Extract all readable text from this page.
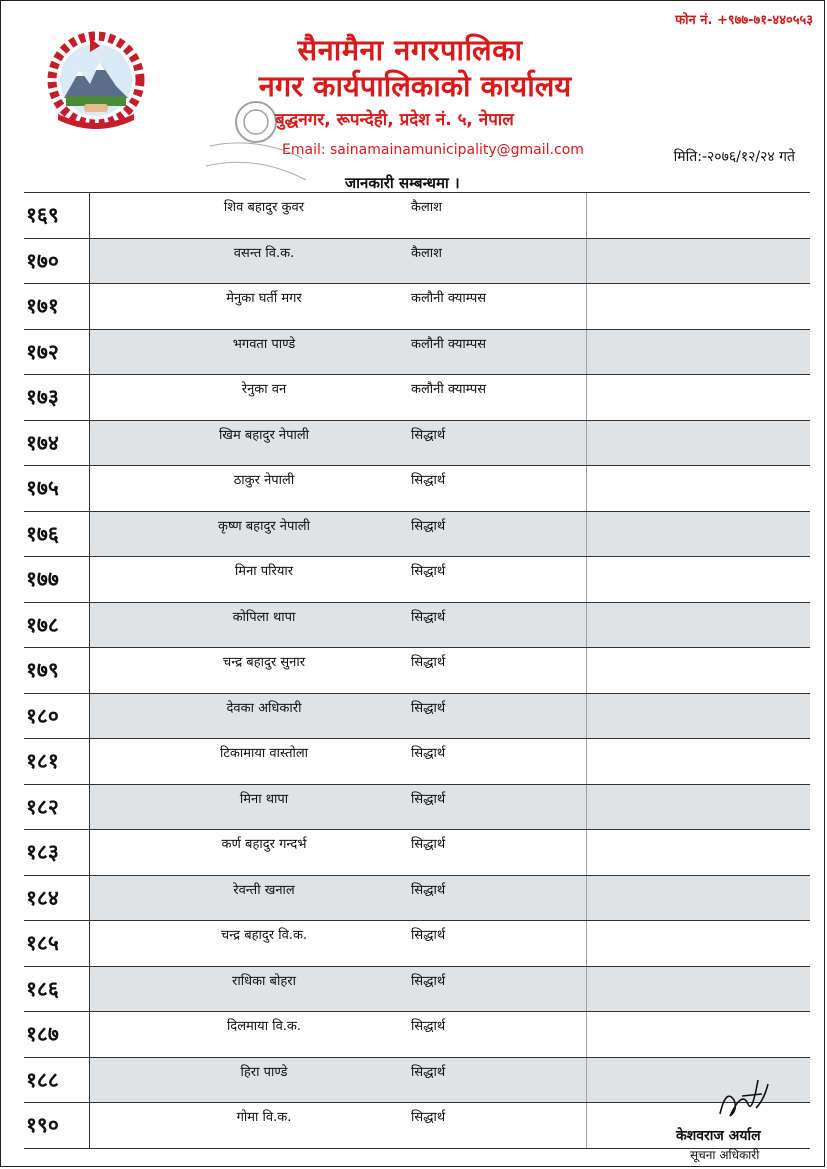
फोन नं. +९७७-७१-४४०५५३
सैनामैना नगरपालिका
नगर कार्यपालिकाको कार्यालय
बुद्धनगर, रूपन्देही, प्रदेश नं. ५, नेपाल
Email: sainamainamunicipality@gmail.com	मिति:-२०७६/१२/२४ गते
जानकारी सम्बन्धमा ।
१६९	शिव बहादुर कुवर	कैलाश
१७०	वसन्त वि.क.	कैलाश
१७१	मेनुका घर्ती मगर	कलौनी क्याम्पस
१७२	भगवता पाण्डे	कलौनी क्याम्पस
१७३	रेनुका वन	कलौनी क्याम्पस
१७४	खिम बहादुर नेपाली	सिद्धार्थ
१७५	ठाकुर नेपाली	सिद्धार्थ
१७६	कृष्ण बहादुर नेपाली	सिद्धार्थ
१७७	मिना परियार	सिद्धार्थ
१७८	कोपिला थापा	सिद्धार्थ
१७९	चन्द्र बहादुर सुनार	सिद्धार्थ
१८०	देवका अधिकारी	सिद्धार्थ
१८१	टिकामाया वास्तोला	सिद्धार्थ
१८२	मिना थापा	सिद्धार्थ
१८३	कर्ण बहादुर गन्दर्भ	सिद्धार्थ
१८४	रेवन्ती खनाल	सिद्धार्थ
१८५	चन्द्र बहादुर वि.क.	सिद्धार्थ
१८६	राधिका बोहरा	सिद्धार्थ
१८७	दिलमाया वि.क.	सिद्धार्थ
१८८	हिरा पाण्डे	सिद्धार्थ
१९०	गोमा वि.क.	सिद्धार्थ
केशवराज अर्याल
सूचना अधिकारी
